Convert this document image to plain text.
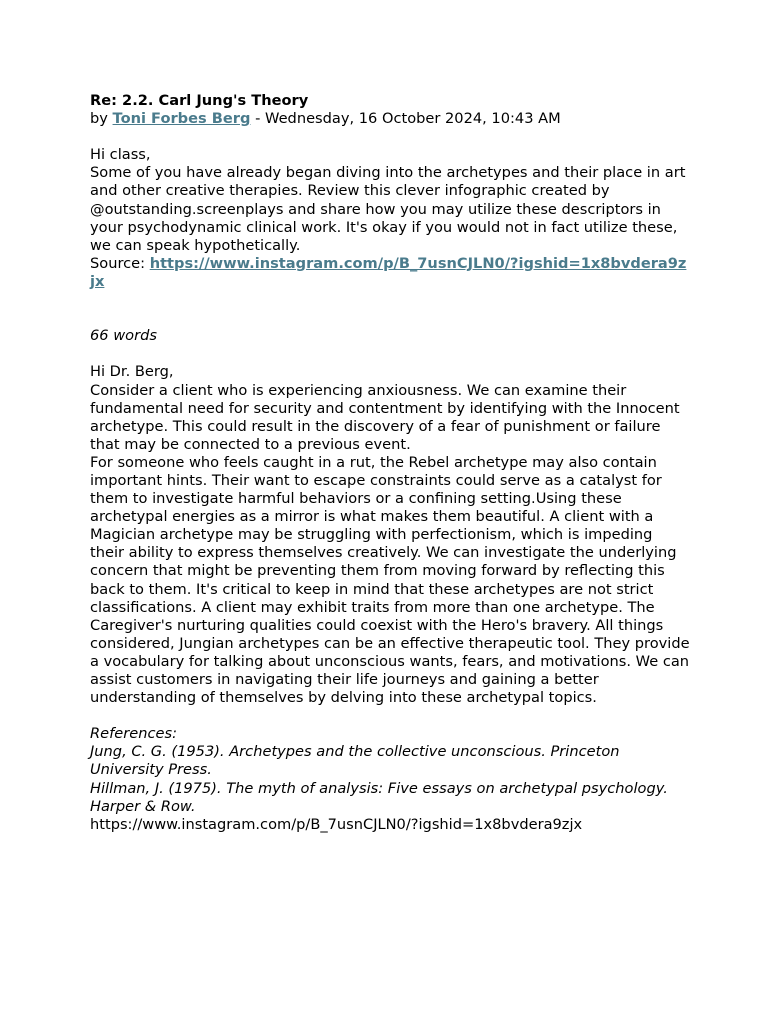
Re: 2.2. Carl Jung's Theory

by Toni Forbes Berg - Wednesday, 16 October 2024, 10:43 AM

Hi class,

Some of you have already began diving into the archetypes and their place in art and other creative therapies. Review this clever infographic created by @outstanding.screenplays and share how you may utilize these descriptors in your psychodynamic clinical work. It's okay if you would not in fact utilize these, we can speak hypothetically.

Source: https://www.instagram.com/p/B_7usnCJLN0/?igshid=1x8bvdera9zjx

66 words

Hi Dr. Berg,

Consider a client who is experiencing anxiousness. We can examine their fundamental need for security and contentment by identifying with the Innocent archetype. This could result in the discovery of a fear of punishment or failure that may be connected to a previous event.

For someone who feels caught in a rut, the Rebel archetype may also contain important hints. Their want to escape constraints could serve as a catalyst for them to investigate harmful behaviors or a confining setting.Using these archetypal energies as a mirror is what makes them beautiful. A client with a Magician archetype may be struggling with perfectionism, which is impeding their ability to express themselves creatively. We can investigate the underlying concern that might be preventing them from moving forward by reflecting this back to them. It's critical to keep in mind that these archetypes are not strict classifications. A client may exhibit traits from more than one archetype. The Caregiver's nurturing qualities could coexist with the Hero's bravery. All things considered, Jungian archetypes can be an effective therapeutic tool. They provide a vocabulary for talking about unconscious wants, fears, and motivations. We can assist customers in navigating their life journeys and gaining a better understanding of themselves by delving into these archetypal topics.

References:

Jung, C. G. (1953). Archetypes and the collective unconscious. Princeton University Press.

Hillman, J. (1975). The myth of analysis: Five essays on archetypal psychology. Harper & Row.

https://www.instagram.com/p/B_7usnCJLN0/?igshid=1x8bvdera9zjx
